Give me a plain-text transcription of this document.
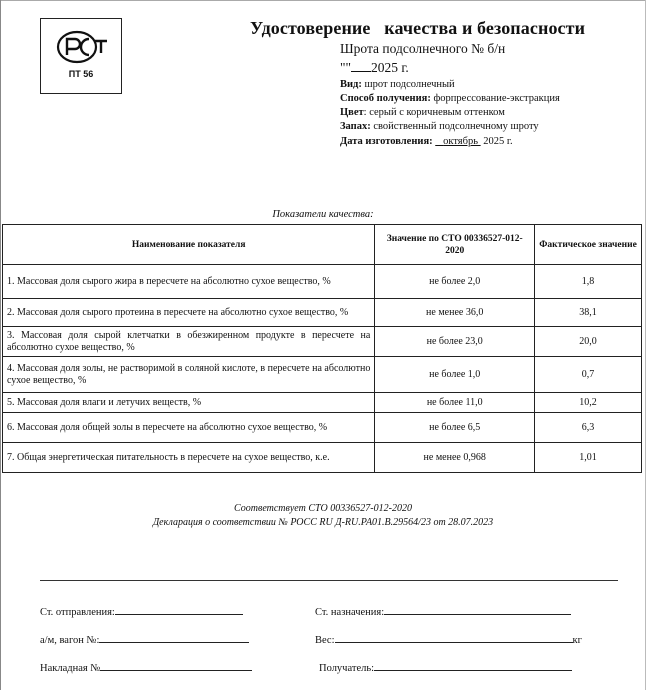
ПТ 56
Удостоверение   качества и безопасности
Шрота подсолнечного № б/н
"" 2025 г.
Вид: шрот подсолнечный
Способ получения: форпрессование-экстракция
Цвет: серый с коричневым оттенком
Запах: свойственный подсолнечному шроту
Дата изготовления: октябрь 2025 г.
Показатели качества:
Наименование показателя	Значение по СТО 00336527-012-2020	Фактическое значение
1. Массовая доля сырого жира в пересчете на абсолютно сухое вещество, %	не более 2,0	1,8
2. Массовая доля сырого протеина в пересчете на абсолютно сухое вещество, %	не менее 36,0	38,1
3. Массовая доля сырой клетчатки в обезжиренном продукте в пересчете на абсолютно сухое вещество, %	не более 23,0	20,0
4. Массовая доля золы, не растворимой в соляной кислоте, в пересчете на абсолютно сухое вещество, %	не более 1,0	0,7
5. Массовая доля влаги и летучих веществ, %	не более 11,0	10,2
6. Массовая доля общей золы в пересчете на абсолютно сухое вещество, %	не более 6,5	6,3
7. Общая энергетическая питательность в пересчете на сухое вещество, к.е.	не менее 0,968	1,01
Соответствует СТО 00336527-012-2020
Декларация о соответствии № РОСС RU Д-RU.РА01.В.29564/23 от 28.07.2023
Ст. отправления:	Ст. назначения:
а/м, вагон №:	Вес:	кг
Накладная №	Получатель:
